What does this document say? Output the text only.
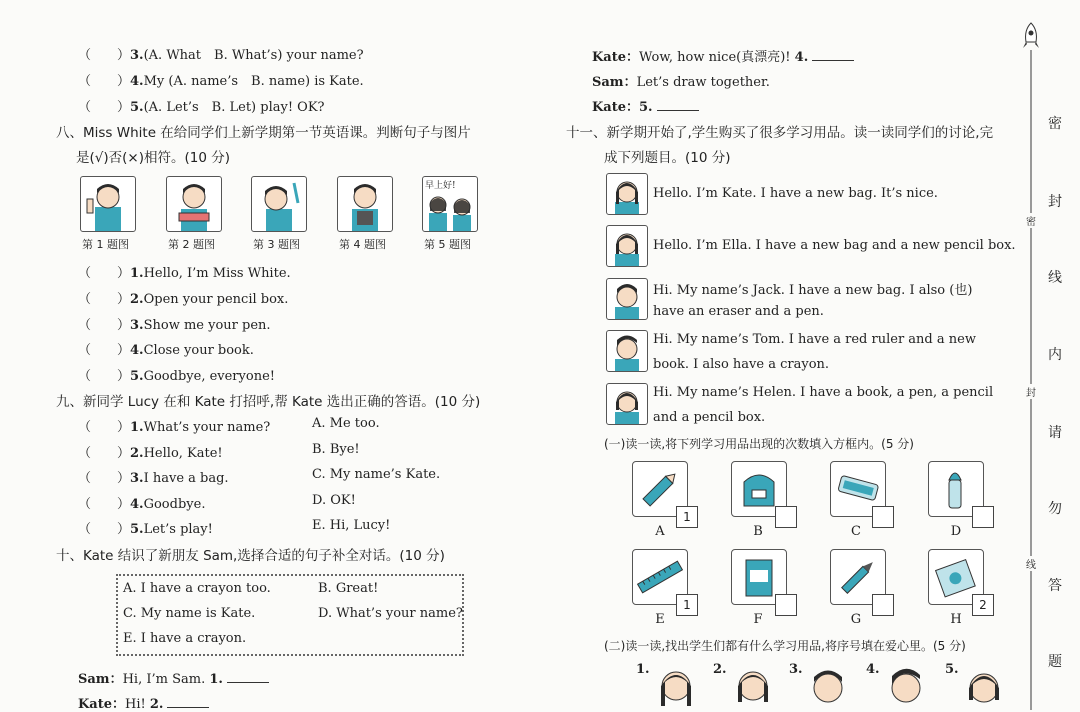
（　　）3.(A. What　B. What’s) your name?
（　　）4.My (A. name’s　B. name) is Kate.
（　　）5.(A. Let’s　B. Let) play! OK?
八、Miss White 在给同学们上新学期第一节英语课。判断句子与图片
是(√)否(×)相符。(10 分)
早上好!
第 1 题图	第 2 题图	第 3 题图	第 4 题图	第 5 题图
（　　）1.Hello, I’m Miss White.
（　　）2.Open your pencil box.
（　　）3.Show me your pen.
（　　）4.Close your book.
（　　）5.Goodbye, everyone!
九、新同学 Lucy 在和 Kate 打招呼,帮 Kate 选出正确的答语。(10 分)
（　　）1.What’s your name?	A. Me too.
（　　）2.Hello, Kate!	B. Bye!
（　　）3.I have a bag.	C. My name’s Kate.
（　　）4.Goodbye.	D. OK!
（　　）5.Let’s play!	E. Hi, Lucy!
十、Kate 结识了新朋友 Sam,选择合适的句子补全对话。(10 分)
A. I have a crayon too.	B. Great!
C. My name is Kate.	D. What’s your name?
E. I have a crayon.
Sam：Hi, I’m Sam. 1.
Kate：Hi! 2.
Kate：Wow, how nice(真漂亮)! 4.
Sam：Let’s draw together.
Kate：5.
十一、新学期开始了,学生购买了很多学习用品。读一读同学们的讨论,完
成下列题目。(10 分)
Hello. I’m Kate. I have a new bag. It’s nice.
Hello. I’m Ella. I have a new bag and a new pencil box.
Hi. My name’s Jack. I have a new bag. I also (也)
have an eraser and a pen.
Hi. My name’s Tom. I have a red ruler and a new
book. I also have a crayon.
Hi. My name’s Helen. I have a book, a pen, a pencil
and a pencil box.
(一)读一读,将下列学习用品出现的次数填入方框内。(5 分)
1
A	B	C	D
1
E	F	G
2
H
(二)读一读,找出学生们都有什么学习用品,将序号填在爱心里。(5 分)
1.	2.	3.	4.	5.
密
封
线
内
请
勿
答
题
密
封
线
